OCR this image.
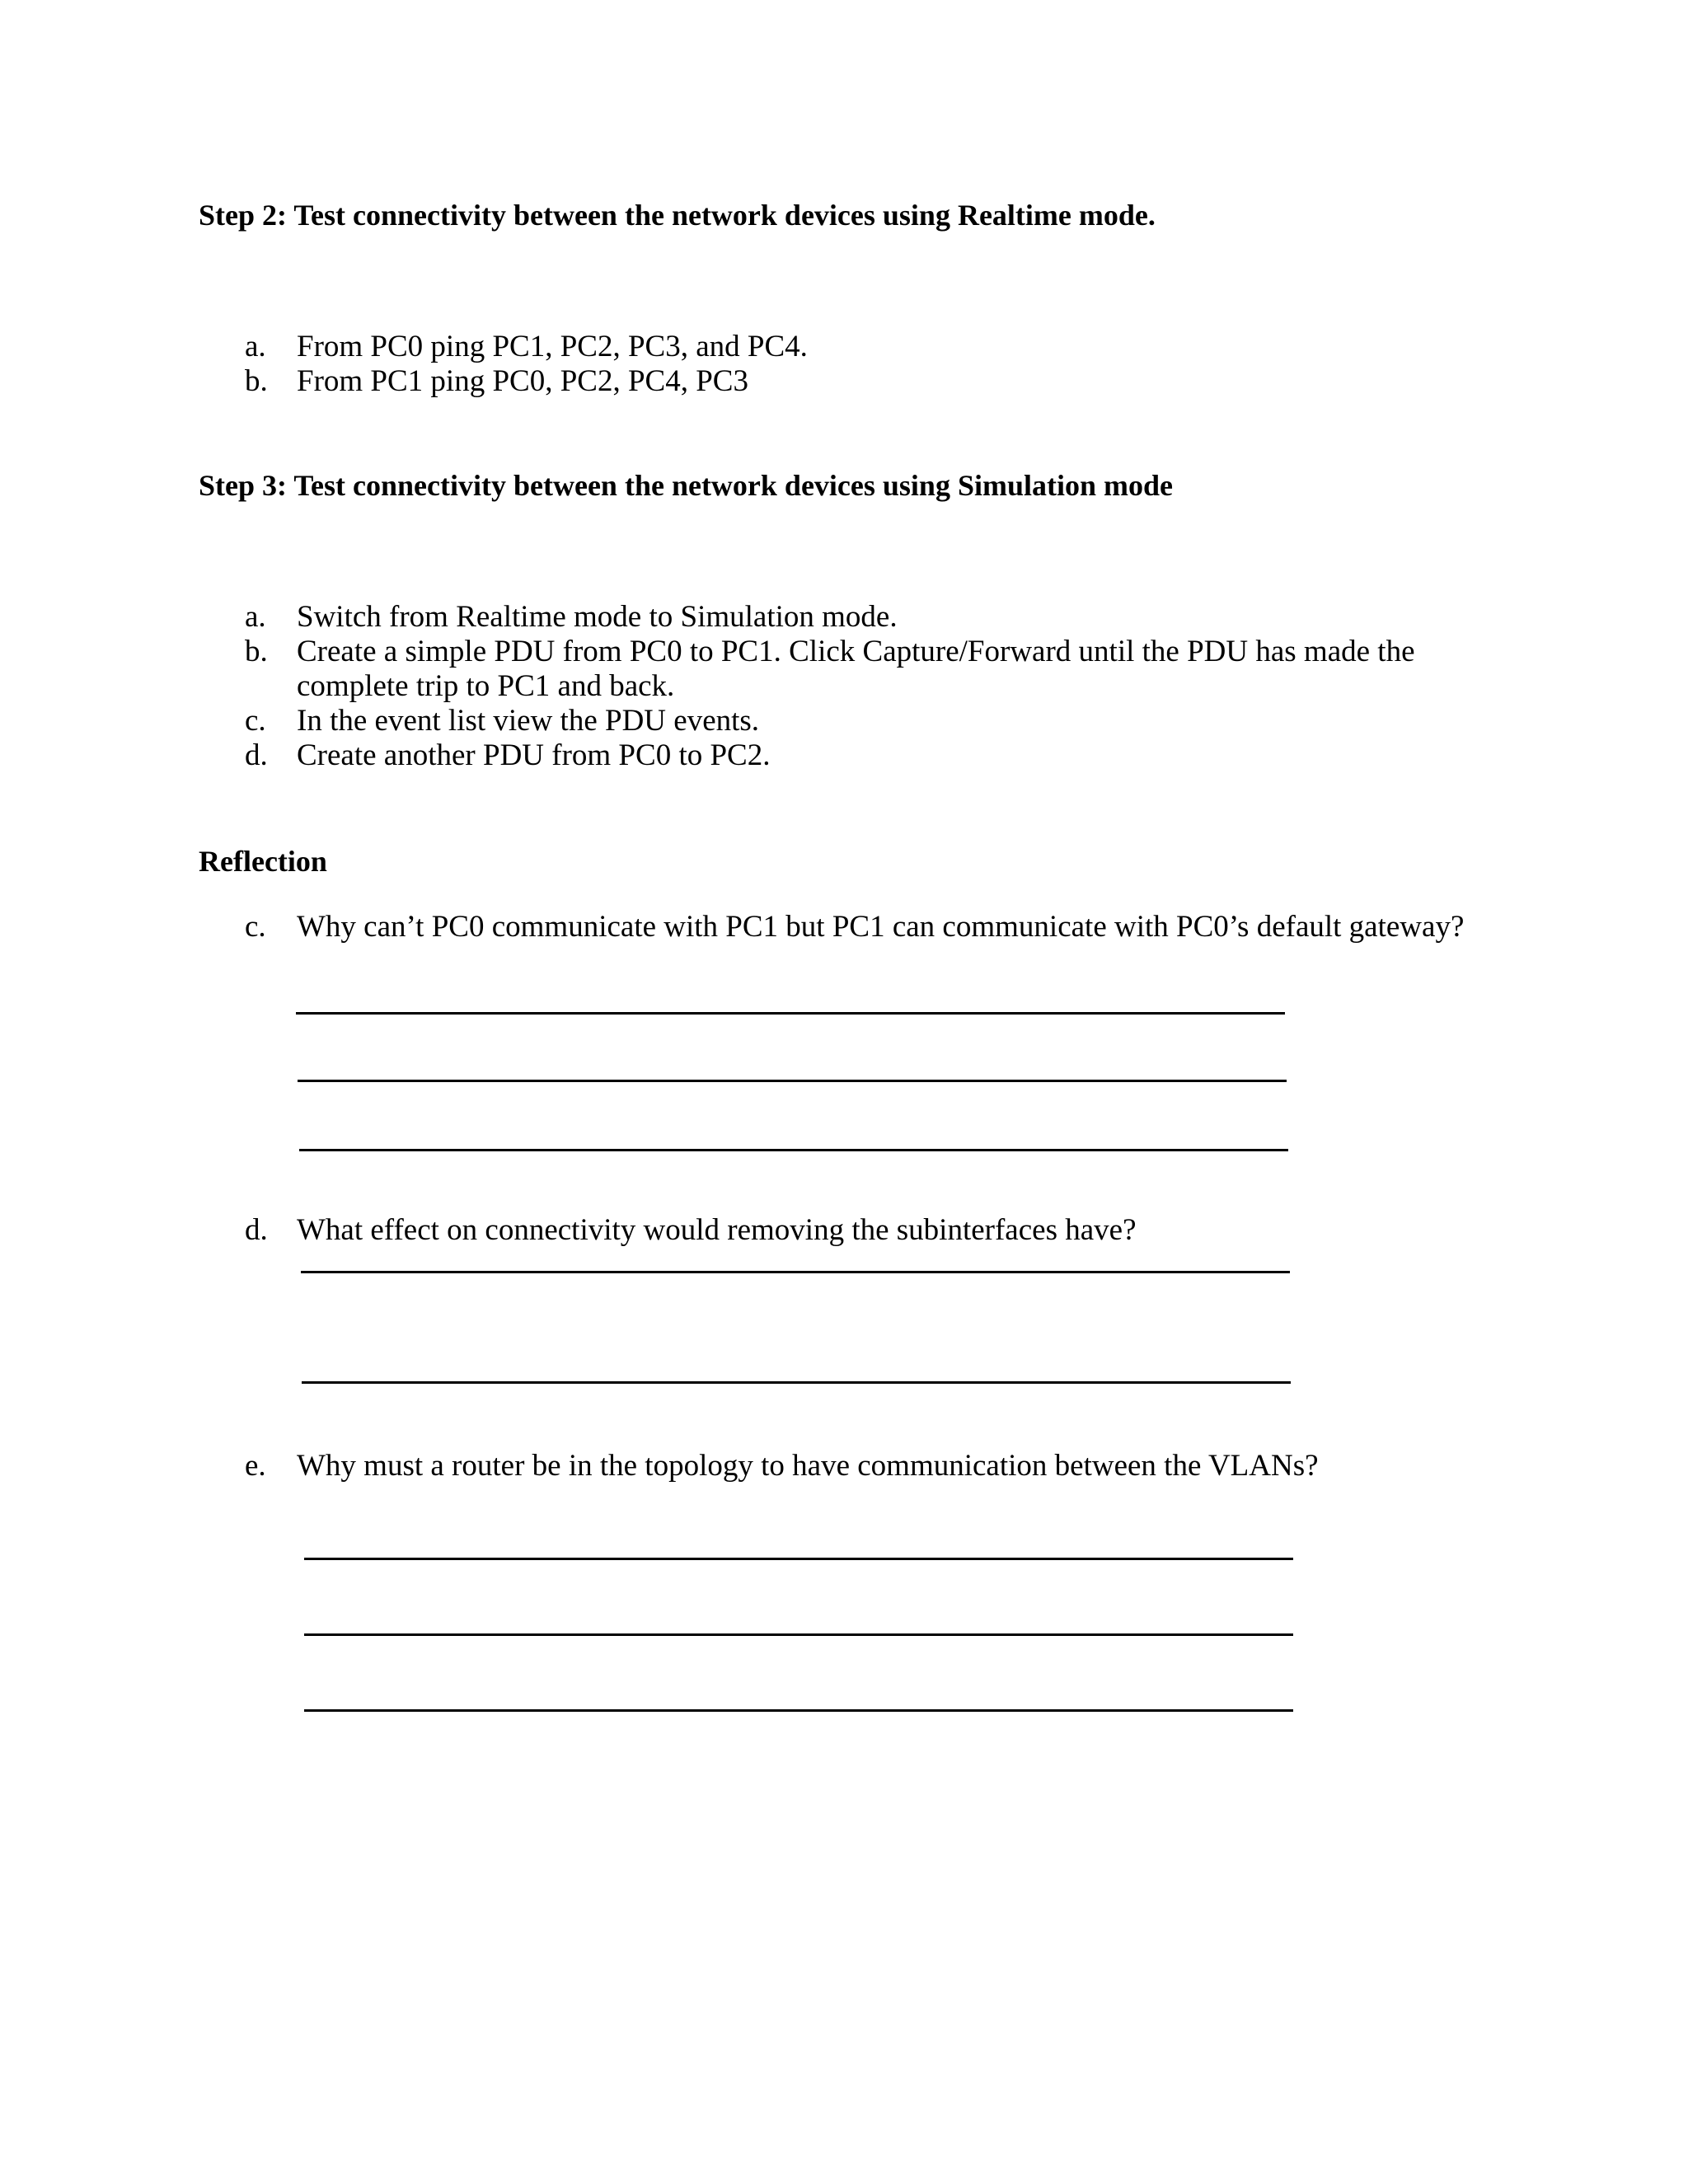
Step 2: Test connectivity between the network devices using Realtime mode.
a.	From PC0 ping PC1, PC2, PC3, and PC4.
b. From PC1 ping PC0, PC2, PC4, PC3
Step 3: Test connectivity between the network devices using Simulation mode
a.	Switch from Realtime mode to Simulation mode.
b. Create a simple PDU from PC0 to PC1. Click Capture/Forward until the PDU has made the
complete trip to PC1 and back.
c.	In the event list view the PDU events.
d. Create another PDU from PC0 to PC2.
Reflection
c.	Why can’t PC0 communicate with PC1 but PC1 can communicate with PC0’s default gateway?
d. What effect on connectivity would removing the subinterfaces have?
e.	Why must a router be in the topology to have communication between the VLANs?
